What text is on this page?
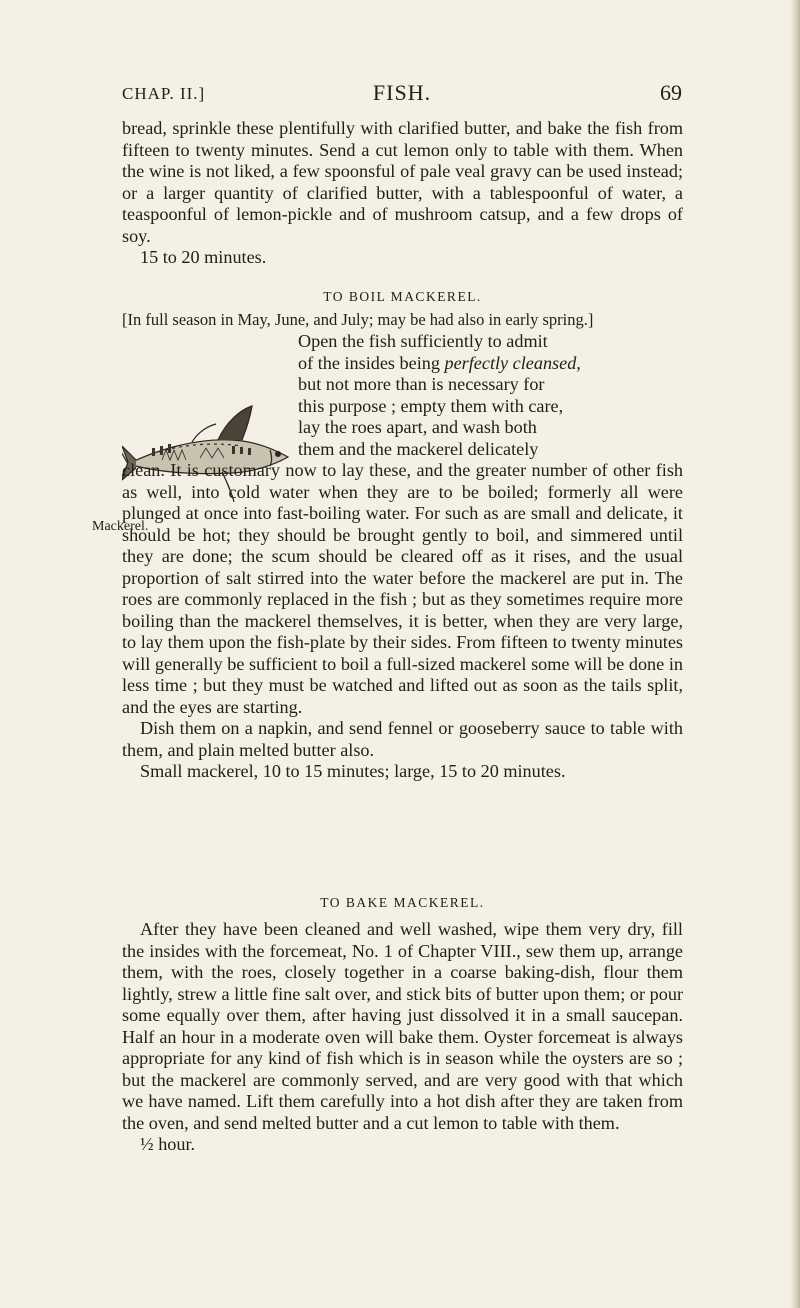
CHAP. II.]	FISH.	69

bread, sprinkle these plentifully with clarified butter, and bake the fish from fifteen to twenty minutes. Send a cut lemon only to table with them. When the wine is not liked, a few spoonsful of pale veal gravy can be used instead; or a larger quantity of clarified butter, with a tablespoonful of water, a teaspoonful of lemon-pickle and of mushroom catsup, and a few drops of soy.

15 to 20 minutes.

TO BOIL MACKEREL.
[In full season in May, June, and July; may be had also in early spring.]
Mackerel.

Open the fish sufficiently to admit

of the insides being perfectly cleansed,

but not more than is necessary for

this purpose ; empty them with care,

lay the roes apart, and wash both

them and the mackerel delicately

clean. It is customary now to lay these, and the greater number of other fish as well, into cold water when they are to be boiled; formerly all were plunged at once into fast-boiling water. For such as are small and delicate, it should be hot; they should be brought gently to boil, and simmered until they are done; the scum should be cleared off as it rises, and the usual proportion of salt stirred into the water before the mackerel are put in. The roes are commonly replaced in the fish ; but as they sometimes require more boiling than the mackerel themselves, it is better, when they are very large, to lay them upon the fish-plate by their sides. From fifteen to twenty minutes will generally be sufficient to boil a full-sized mackerel some will be done in less time ; but they must be watched and lifted out as soon as the tails split, and the eyes are starting.

Dish them on a napkin, and send fennel or gooseberry sauce to table with them, and plain melted butter also.

Small mackerel, 10 to 15 minutes; large, 15 to 20 minutes.

TO BAKE MACKEREL.

After they have been cleaned and well washed, wipe them very dry, fill the insides with the forcemeat, No. 1 of Chapter VIII., sew them up, arrange them, with the roes, closely together in a coarse baking-dish, flour them lightly, strew a little fine salt over, and stick bits of butter upon them; or pour some equally over them, after having just dissolved it in a small saucepan. Half an hour in a moderate oven will bake them. Oyster forcemeat is always appropriate for any kind of fish which is in season while the oysters are so ; but the mackerel are commonly served, and are very good with that which we have named. Lift them carefully into a hot dish after they are taken from the oven, and send melted butter and a cut lemon to table with them.

½ hour.
